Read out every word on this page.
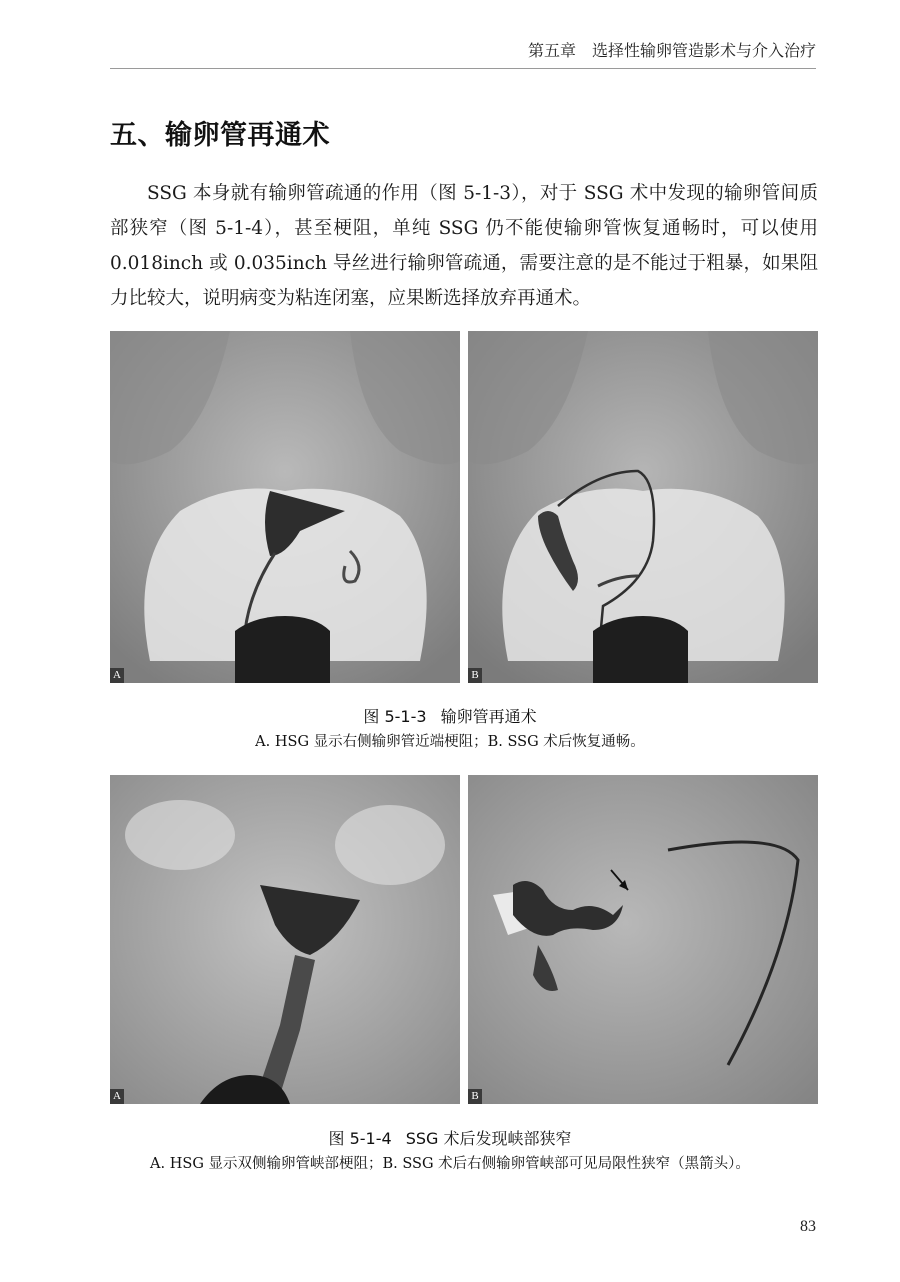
第五章 选择性输卵管造影术与介入治疗
五、输卵管再通术

SSG 本身就有输卵管疏通的作用（图 5-1-3），对于 SSG 术中发现的输卵管间质部狭窄（图 5-1-4），甚至梗阻，单纯 SSG 仍不能使输卵管恢复通畅时，可以使用 0.018inch 或 0.035inch 导丝进行输卵管疏通，需要注意的是不能过于粗暴，如果阻力比较大，说明病变为粘连闭塞，应果断选择放弃再通术。

A	B
图 5-1-3 输卵管再通术
A. HSG 显示右侧输卵管近端梗阻；B. SSG 术后恢复通畅。
A	B
图 5-1-4 SSG 术后发现峡部狭窄
A. HSG 显示双侧输卵管峡部梗阻；B. SSG 术后右侧输卵管峡部可见局限性狭窄（黑箭头）。
83
